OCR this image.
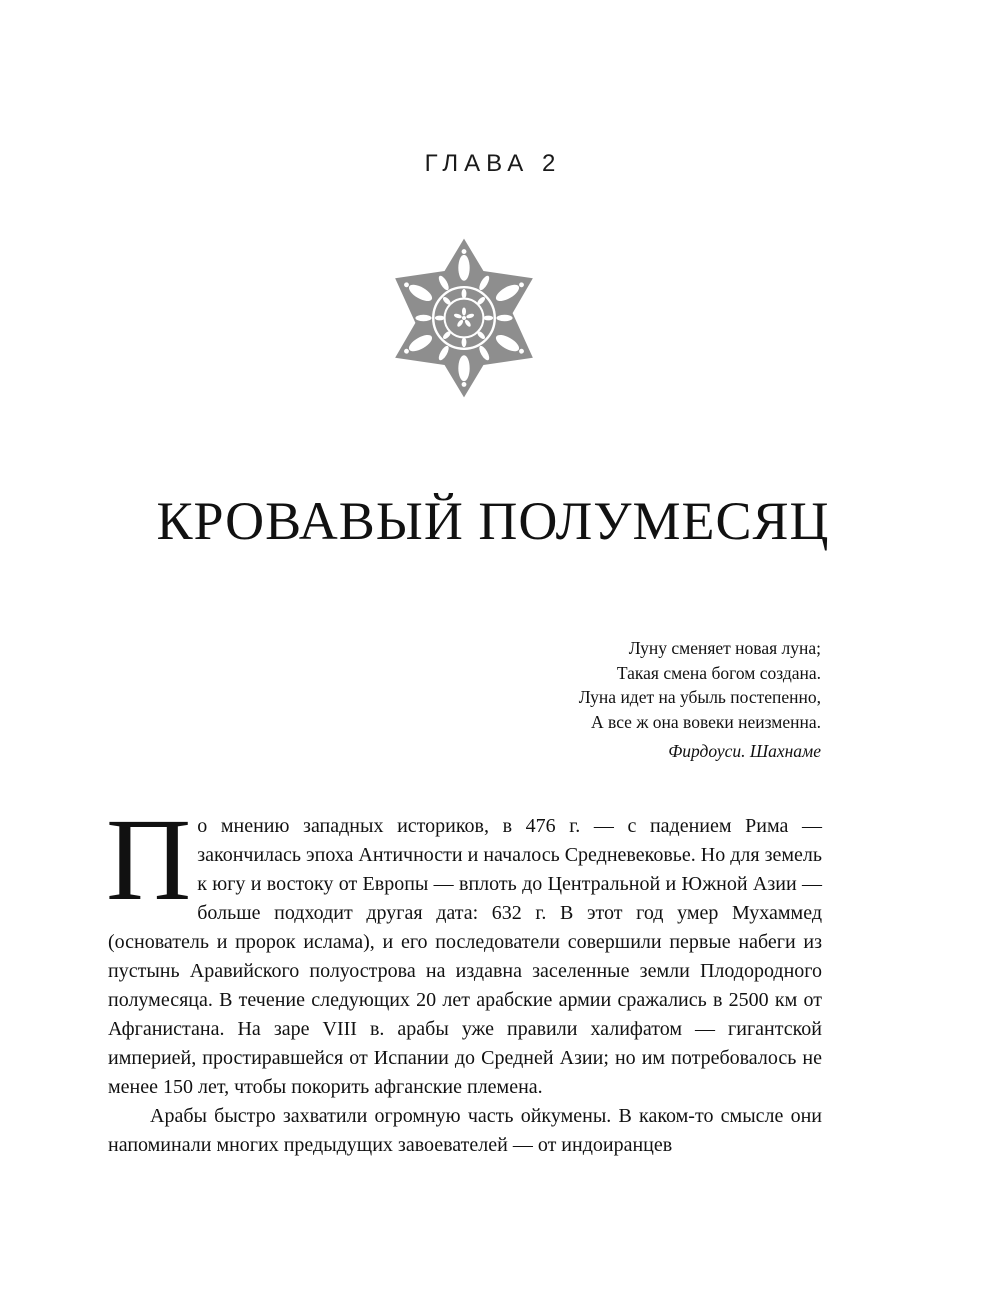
ГЛАВА 2
КРОВАВЫЙ ПОЛУМЕСЯЦ
Луну сменяет новая луна;
Такая смена богом создана.
Луна идет на убыль постепенно,
А все ж она вовеки неизменна.
Фирдоуси. Шахнаме

По мнению западных историков, в 476 г. — с падением Рима — закончилась эпоха Античности и началось Средневековье. Но для земель к югу и востоку от Европы — вплоть до Центральной и Южной Азии — больше подходит другая дата: 632 г. В этот год умер Мухаммед (основатель и пророк ислама), и его последователи совершили первые набеги из пустынь Аравийского полуострова на издавна заселенные земли Плодородного полумесяца. В течение следующих 20 лет арабские армии сражались в 2500 км от Афганистана. На заре VIII в. арабы уже правили халифатом — гигантской империей, простиравшейся от Испании до Средней Азии; но им потребовалось не менее 150 лет, чтобы покорить афганские племена.

Арабы быстро захватили огромную часть ойкумены. В каком-то смысле они напоминали многих предыдущих завоевателей — от индоиранцев
